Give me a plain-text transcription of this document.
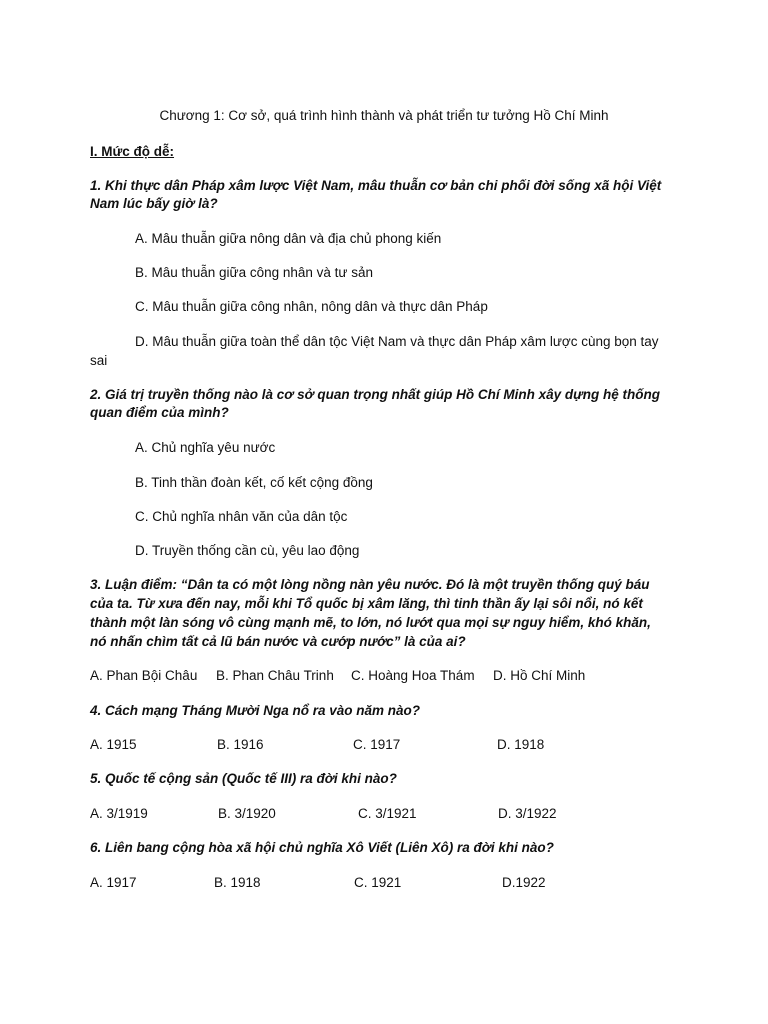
Chương 1: Cơ sở, quá trình hình thành và phát triển tư tưởng Hồ Chí Minh
I. Mức độ dễ:
1. Khi thực dân Pháp xâm lược Việt Nam, mâu thuẫn cơ bản chi phối đời sống xã hội Việt
Nam lúc bấy giờ là?
A. Mâu thuẫn giữa nông dân và địa chủ phong kiến
B. Mâu thuẫn giữa công nhân và tư sản
C. Mâu thuẫn giữa công nhân, nông dân và thực dân Pháp
D. Mâu thuẫn giữa toàn thể dân tộc Việt Nam và thực dân Pháp xâm lược cùng bọn tay
sai
2. Giá trị truyền thống nào là cơ sở quan trọng nhất giúp Hồ Chí Minh xây dựng hệ thống
quan điểm của mình?
A. Chủ nghĩa yêu nước
B. Tinh thần đoàn kết, cố kết cộng đồng
C. Chủ nghĩa nhân văn của dân tộc
D. Truyền thống cần cù, yêu lao động
3. Luận điểm: “Dân ta có một lòng nồng nàn yêu nước. Đó là một truyền thống quý báu
của ta. Từ xưa đến nay, mỗi khi Tổ quốc bị xâm lăng, thì tinh thần ấy lại sôi nổi, nó kết
thành một làn sóng vô cùng mạnh mẽ, to lớn, nó lướt qua mọi sự nguy hiểm, khó khăn,
nó nhấn chìm tất cả lũ bán nước và cướp nước” là của ai?
A. Phan Bội Châu B. Phan Châu Trinh C. Hoàng Hoa Thám D. Hồ Chí Minh
4. Cách mạng Tháng Mười Nga nổ ra vào năm nào?
A. 1915	B. 1916	C. 1917	D. 1918
5. Quốc tế cộng sản (Quốc tế III) ra đời khi nào?
A. 3/1919	B. 3/1920	C. 3/1921	D. 3/1922
6. Liên bang cộng hòa xã hội chủ nghĩa Xô Viết (Liên Xô) ra đời khi nào?
A. 1917	B. 1918	C. 1921	D.1922
